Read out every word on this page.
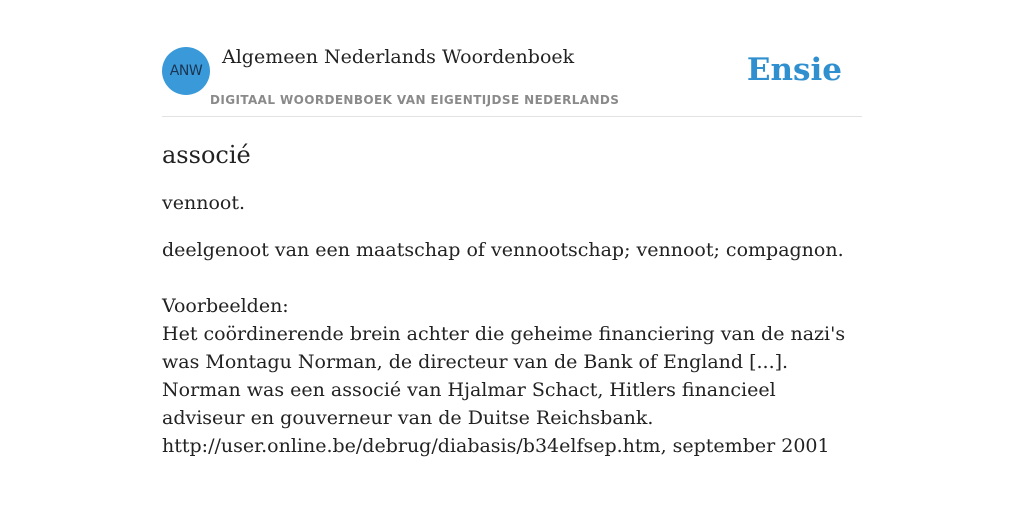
ANW
Algemeen Nederlands Woordenboek
DIGITAAL WOORDENBOEK VAN EIGENTIJDSE NEDERLANDS
Ensie
associé

vennoot.

deelgenoot van een maatschap of vennootschap; vennoot; compagnon.

Voorbeelden:
Het coördinerende brein achter die geheime financiering van de nazi's was Montagu Norman, de directeur van de Bank of England [...]. Norman was een associé van Hjalmar Schact, Hitlers financieel adviseur en gouverneur van de Duitse Reichsbank.
http://user.online.be/debrug/diabasis/b34elfsep.htm, september 2001
